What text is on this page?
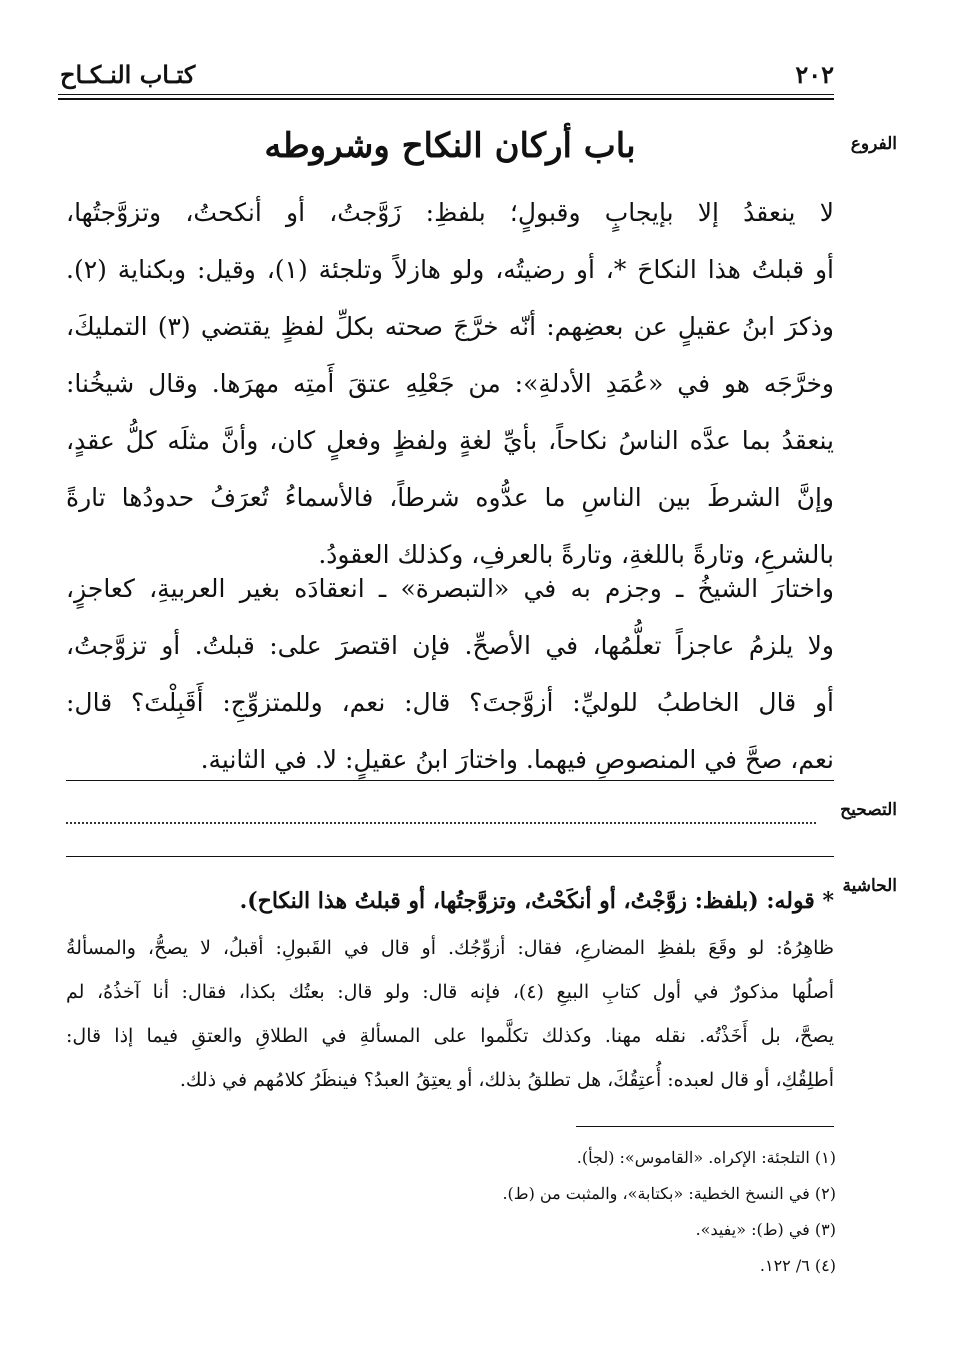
كتـاب النـكـاح	٢٠٢
الفروع
باب أركان النكاح وشروطه
لا ينعقدُ إلا بإيجابٍ وقبولٍ؛ بلفظِ: زَوَّجتُ، أو أنكحتُ، وتزوَّجتُها،
أو قبلتُ هذا النكاحَ *، أو رضيتُه، ولو هازلاً وتلجئة (١)، وقيل: وبكناية (٢).
وذكرَ ابنُ عقيلٍ عن بعضِهم: أنّه خرَّجَ صحته بكلِّ لفظٍ يقتضي (٣) التمليكَ،
وخرَّجَه هو في «عُمَدِ الأدلةِ»: من جَعْلِهِ عتقَ أَمتِه مهرَها. وقال شيخُنا:
ينعقدُ بما عدَّه الناسُ نكاحاً، بأيِّ لغةٍ ولفظٍ وفعلٍ كان، وأنَّ مثلَه كلُّ عقدٍ،
وإنَّ الشرطَ بين الناسِ ما عدُّوه شرطاً، فالأسماءُ تُعرَفُ حدودُها تارةً
بالشرعِ، وتارةً باللغةِ، وتارةً بالعرفِ، وكذلك العقودُ.
واختارَ الشيخُ ـ وجزم به في «التبصرة» ـ انعقادَه بغير العربيةِ، كعاجزٍ،
ولا يلزمُ عاجزاً تعلُّمُها، في الأصحِّ. فإن اقتصرَ على: قبلتُ. أو تزوَّجتُ،
أو قال الخاطبُ للوليِّ: أزوَّجتَ؟ قال: نعم، وللمتزوِّجِ: أَقَبِلْتَ؟ قال:
نعم، صحَّ في المنصوصِ فيهما. واختارَ ابنُ عقيلٍ: لا. في الثانية.
التصحيح
الحاشية
* قوله: (بلفظ: زوَّجْتُ، أو أنكَحْتُ، وتزوَّجتُها، أو قبلتُ هذا النكاح).
ظاهِرُهُ: لو وقَعَ بلفظِ المضارعِ، فقال: أزوِّجُك. أو قال في القَبولِ: أقبلُ، لا يصحُّ، والمسألةُ
أصلُها مذكورٌ في أول كتابِ البيعِ (٤)، فإنه قال: ولو قال: بعتُك بكذا، فقال: أنا آخذُهُ، لم
يصحَّ، بل أَخَذْتُه. نقله مهنا. وكذلك تكلَّموا على المسألةِ في الطلاقِ والعتقِ فيما إذا قال:
أطلِقُكِ، أو قال لعبده: أُعتِقُكَ، هل تطلقُ بذلك، أو يعتِقُ العبدُ؟ فينظَرُ كلامُهم في ذلك.
(١) التلجئة: الإكراه. «القاموس»: (لجأ).
(٢) في النسخ الخطية: «بكتابة»، والمثبت من (ط).
(٣) في (ط): «يفيد».
(٤) ٦/ ١٢٢.
